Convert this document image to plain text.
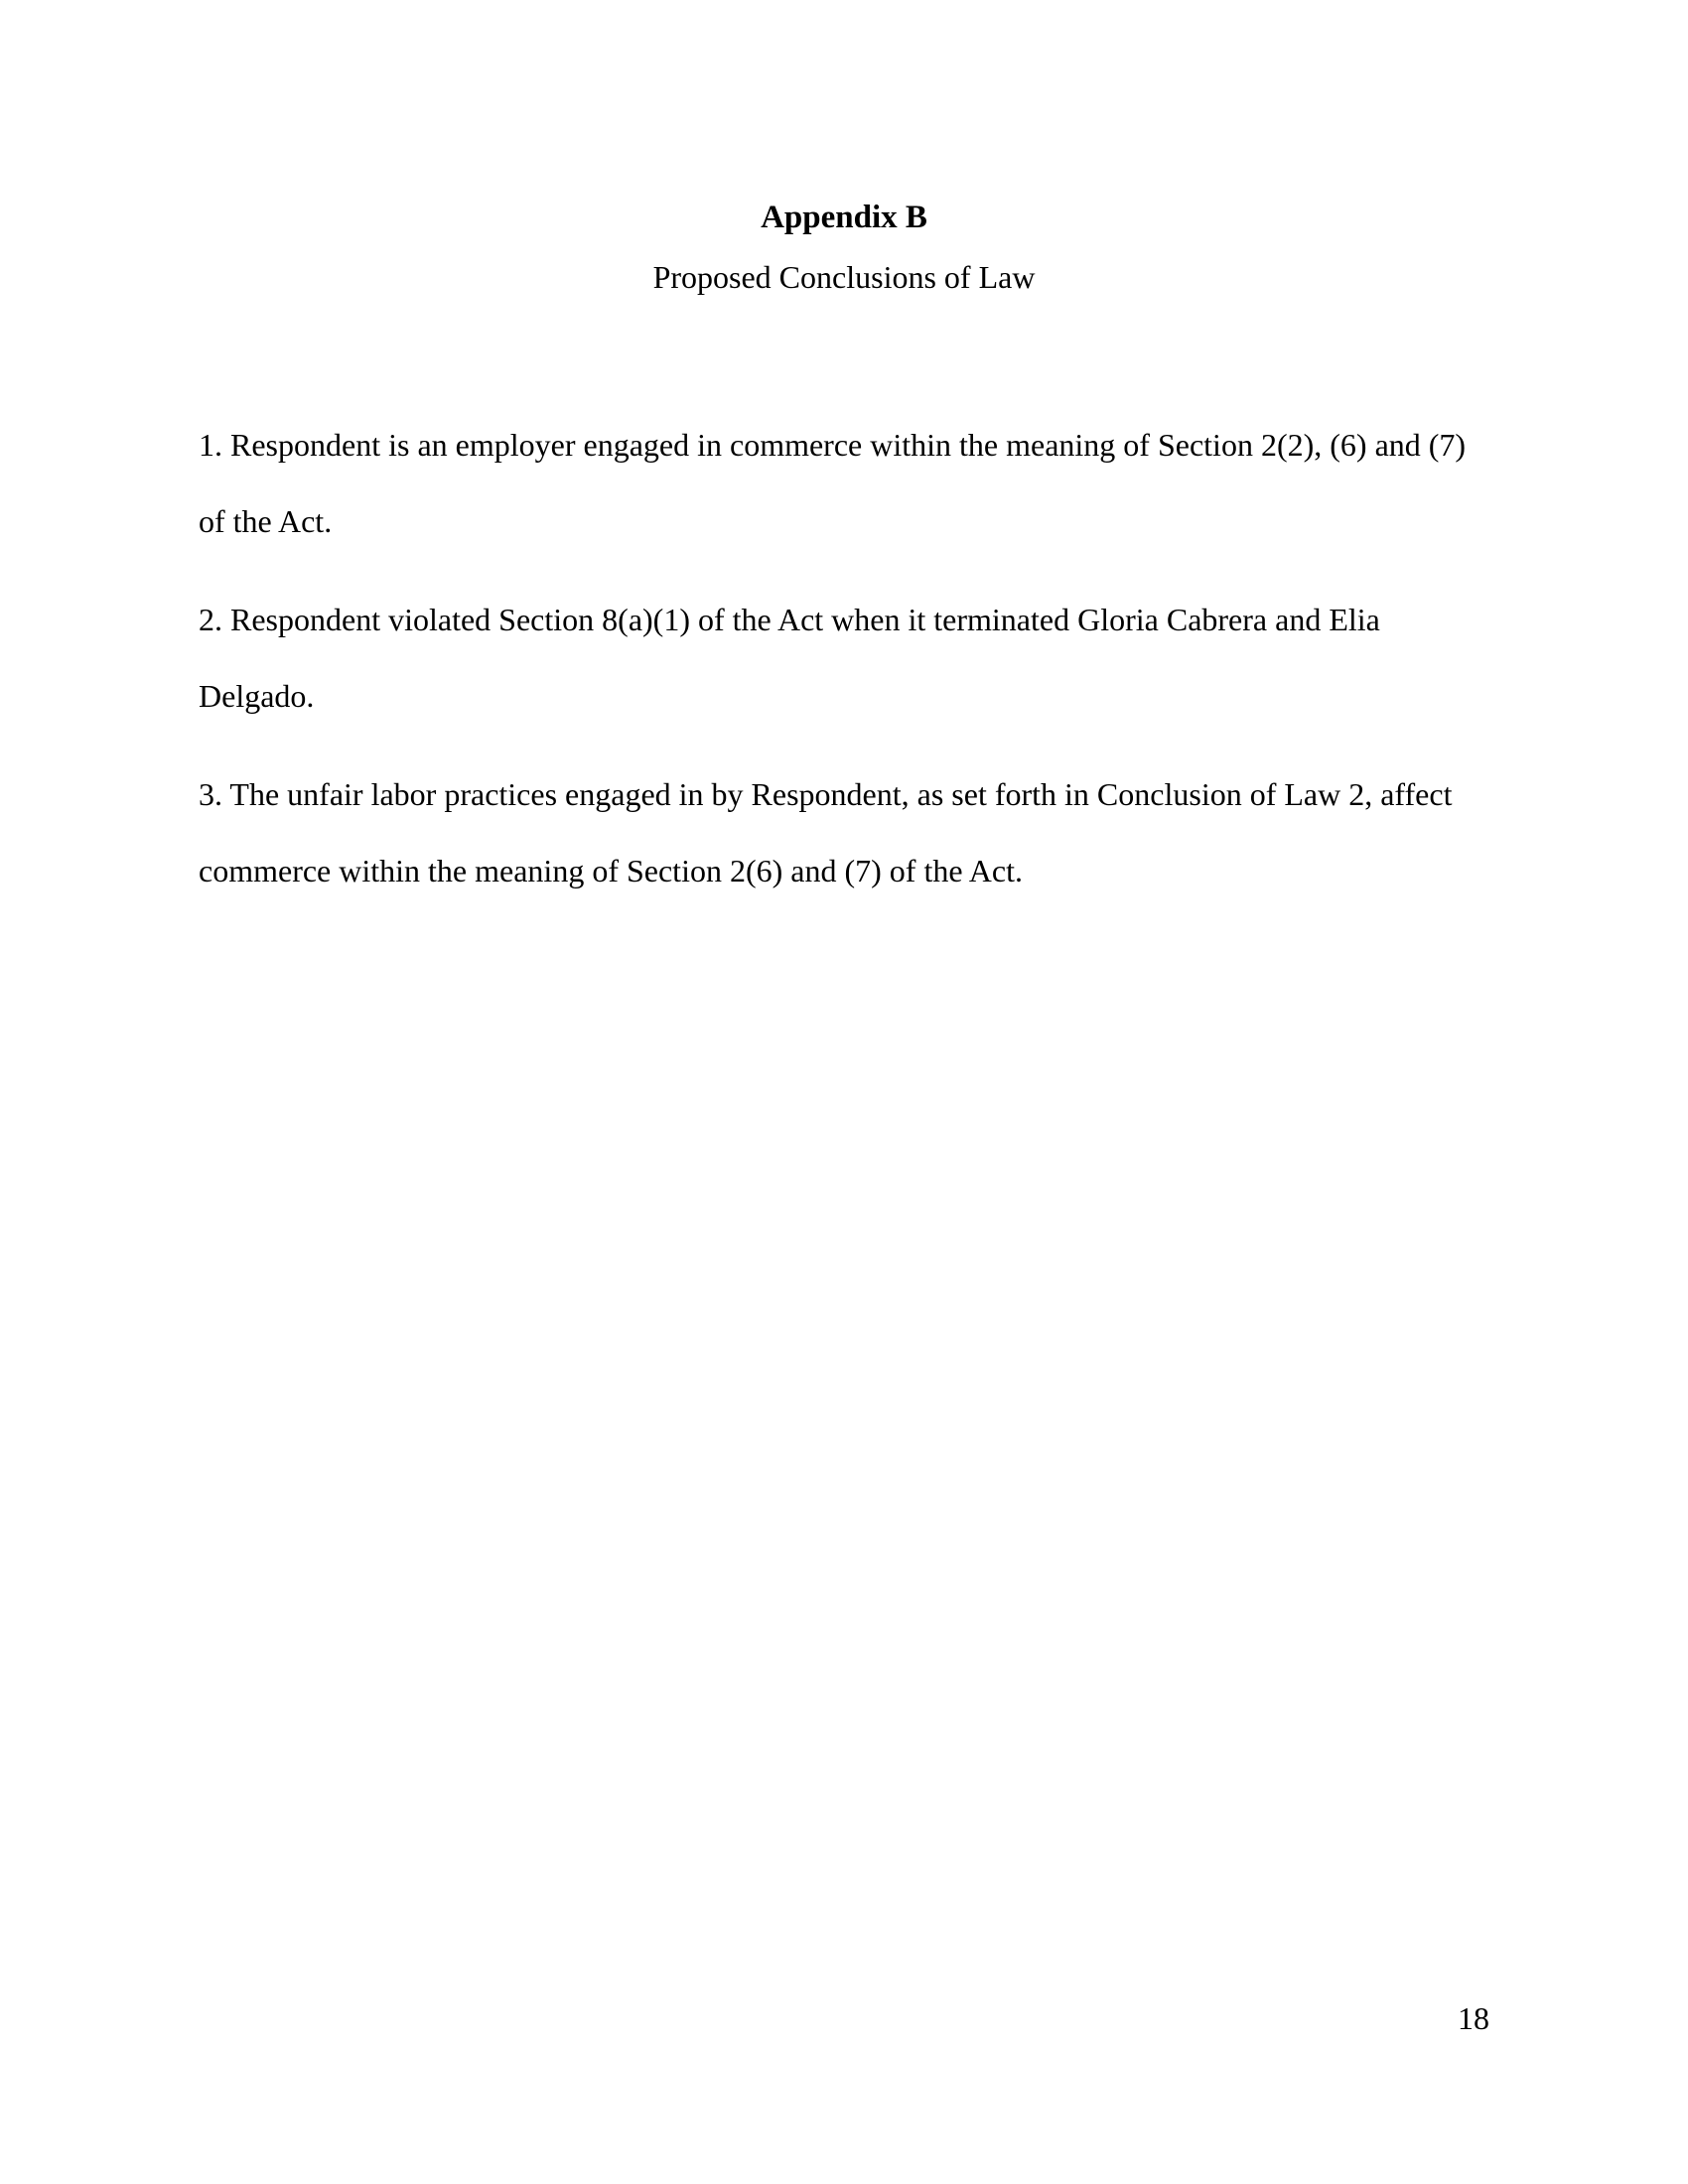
Appendix B
Proposed Conclusions of Law

1. Respondent is an employer engaged in commerce within the meaning of Section 2(2), (6) and (7) of the Act.

2. Respondent violated Section 8(a)(1) of the Act when it terminated Gloria Cabrera and Elia Delgado.

3. The unfair labor practices engaged in by Respondent, as set forth in Conclusion of Law 2, affect commerce within the meaning of Section 2(6) and (7) of the Act.

18
